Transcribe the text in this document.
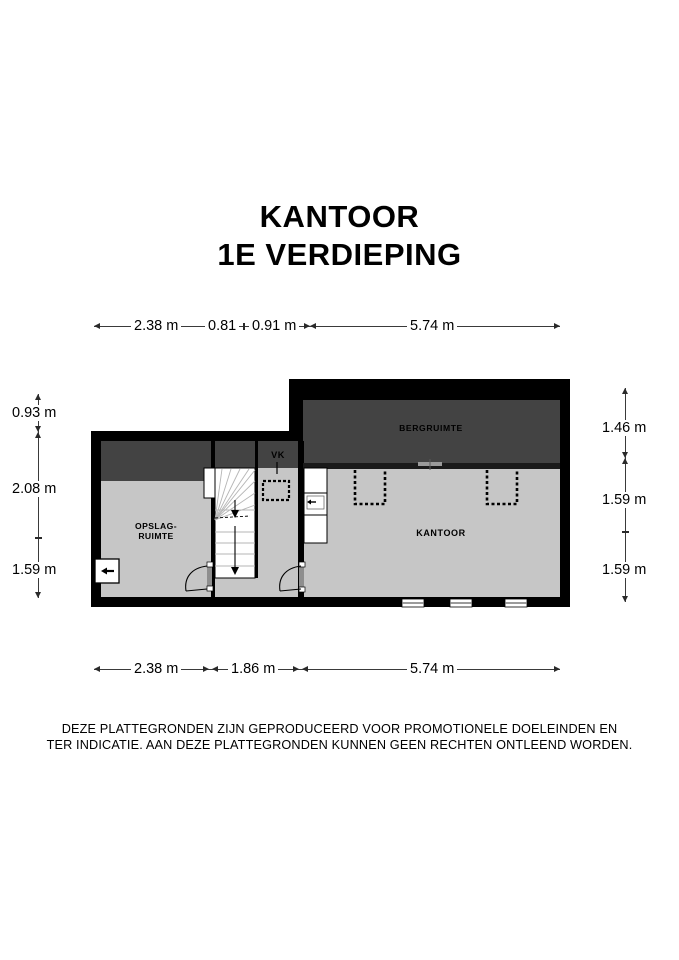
KANTOOR
1E VERDIEPING
2.38 m 0.81 0.91 m	5.74 m
0.93 m
2.08 m
1.59 m
1.46 m
1.59 m
1.59 m
2.38 m	1.86 m	5.74 m
BERGRUIMTE
OPSLAG-
RUIMTE
VK
KANTOOR
DEZE PLATTEGRONDEN ZIJN GEPRODUCEERD VOOR PROMOTIONELE DOELEINDEN EN
TER INDICATIE. AAN DEZE PLATTEGRONDEN KUNNEN GEEN RECHTEN ONTLEEND WORDEN.
